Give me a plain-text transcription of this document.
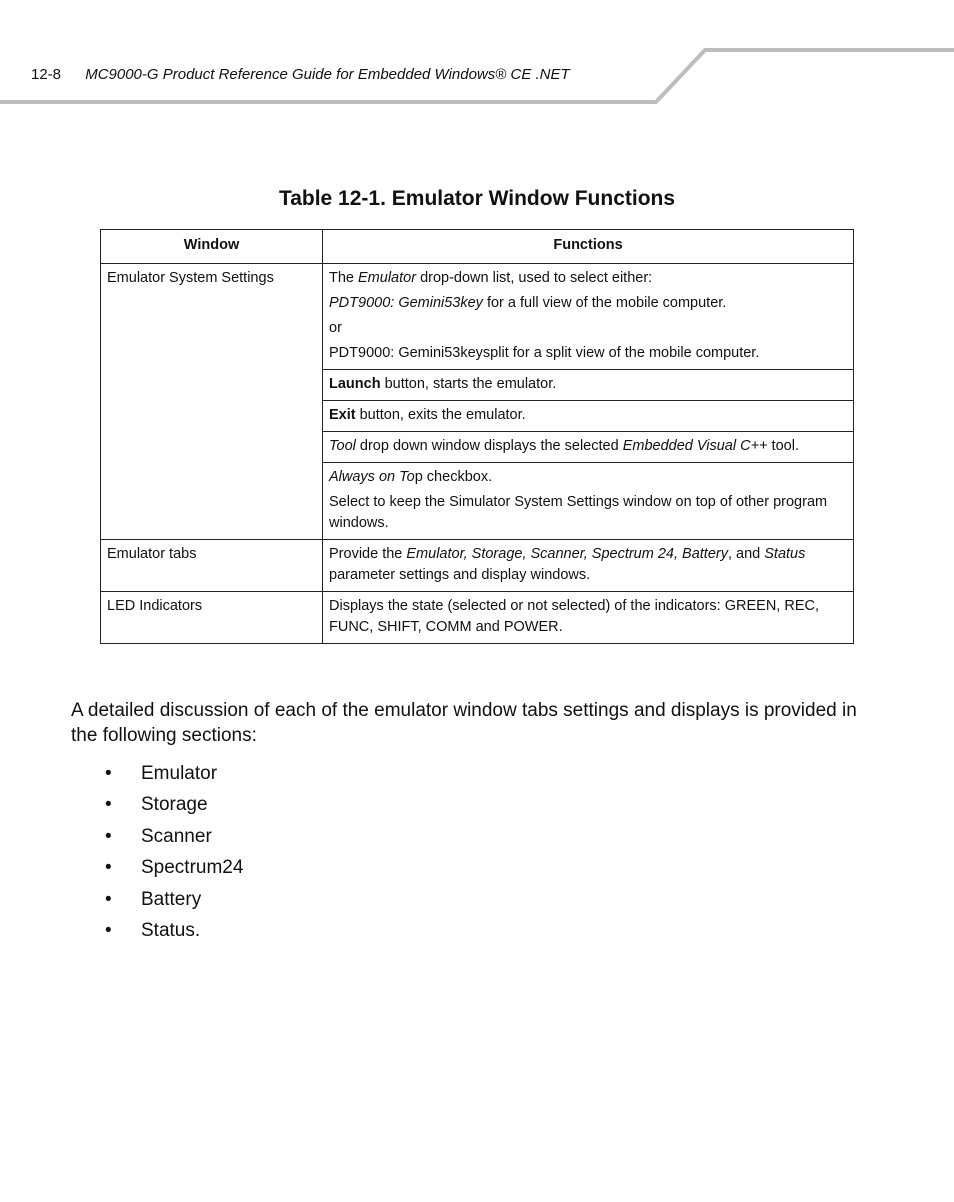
12-8 MC9000-G Product Reference Guide for Embedded Windows® CE .NET
Table 12-1. Emulator Window Functions
Window	Functions
Emulator System Settings	The Emulator drop-down list, used to select either:

PDT9000: Gemini53key for a full view of the mobile computer.

or

PDT9000: Gemini53keysplit for a split view of the mobile computer.

	Launch button, starts the emulator.
	Exit button, exits the emulator.
	Tool drop down window displays the selected Embedded Visual C++ tool.

	Always on Top checkbox.

Select to keep the Simulator System Settings window on top of other program windows.

Emulator tabs	Provide the Emulator, Storage, Scanner, Spectrum 24, Battery, and Status parameter settings and display windows.
LED Indicators	Displays the state (selected or not selected) of the indicators: GREEN, REC, FUNC, SHIFT, COMM and POWER.
A detailed discussion of each of the emulator window tabs settings and displays is provided in the following sections:
• Emulator
• Storage
• Scanner
• Spectrum24
• Battery
• Status.
